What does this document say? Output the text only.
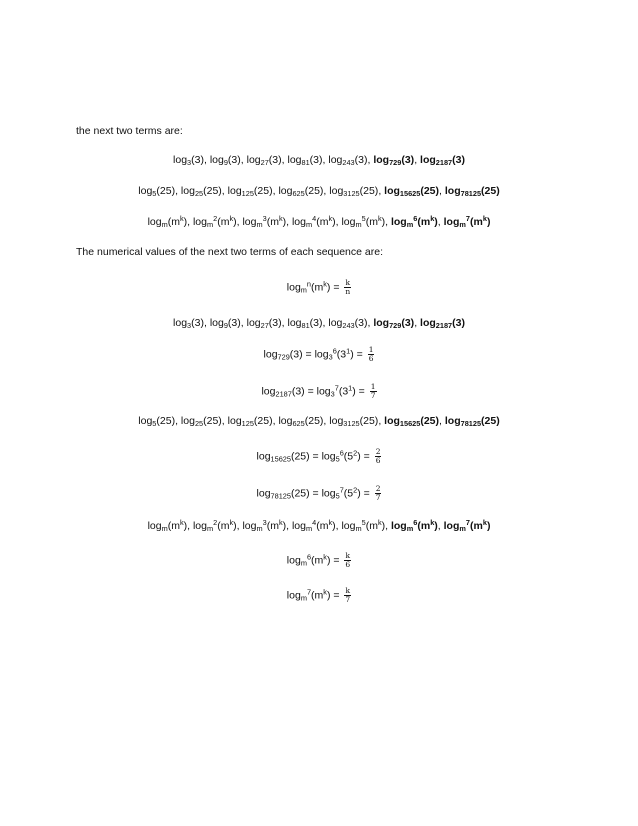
the next two terms are:
$\log_3(3)$, $\log_9(3)$, $\log_{27}(3)$, $\log_{81}(3)$, $\log_{243}(3)$, $\log_{729}(3)$, $\log_{2187}(3)$
$\log_5(25)$, $\log_{25}(25)$, $\log_{125}(25)$, $\log_{625}(25)$, $\log_{3125}(25)$, $\log_{15625}(25)$, $\log_{78125}(25)$
$\log_m(m^k)$, $\log_m^2(m^k)$, $\log_m^3(m^k)$, $\log_m^4(m^k)$, $\log_m^5(m^k)$, $\log_m^6(m^k)$, $\log_m^7(m^k)$
The numerical values of the next two terms of each sequence are:
$\log_m^n(m^k) = \frac{k}{n}$
$\log_3(3)$, $\log_9(3)$, $\log_{27}(3)$, $\log_{81}(3)$, $\log_{243}(3)$, $\log_{729}(3)$, $\log_{2187}(3)$
$\log_{729}(3) = \log_3^6(3^1) = \frac{1}{6}$
$\log_{2187}(3) = \log_3^7(3^1) = \frac{1}{7}$
$\log_5(25)$, $\log_{25}(25)$, $\log_{125}(25)$, $\log_{625}(25)$, $\log_{3125}(25)$, $\log_{15625}(25)$, $\log_{78125}(25)$
$\log_{15625}(25) = \log_5^6(5^2) = \frac{2}{6}$
$\log_{78125}(25) = \log_5^7(5^2) = \frac{2}{7}$
$\log_m(m^k)$, $\log_m^2(m^k)$, $\log_m^3(m^k)$, $\log_m^4(m^k)$, $\log_m^5(m^k)$, $\log_m^6(m^k)$, $\log_m^7(m^k)$
$\log_m^6(m^k) = \frac{k}{6}$
$\log_m^7(m^k) = \frac{k}{7}$
